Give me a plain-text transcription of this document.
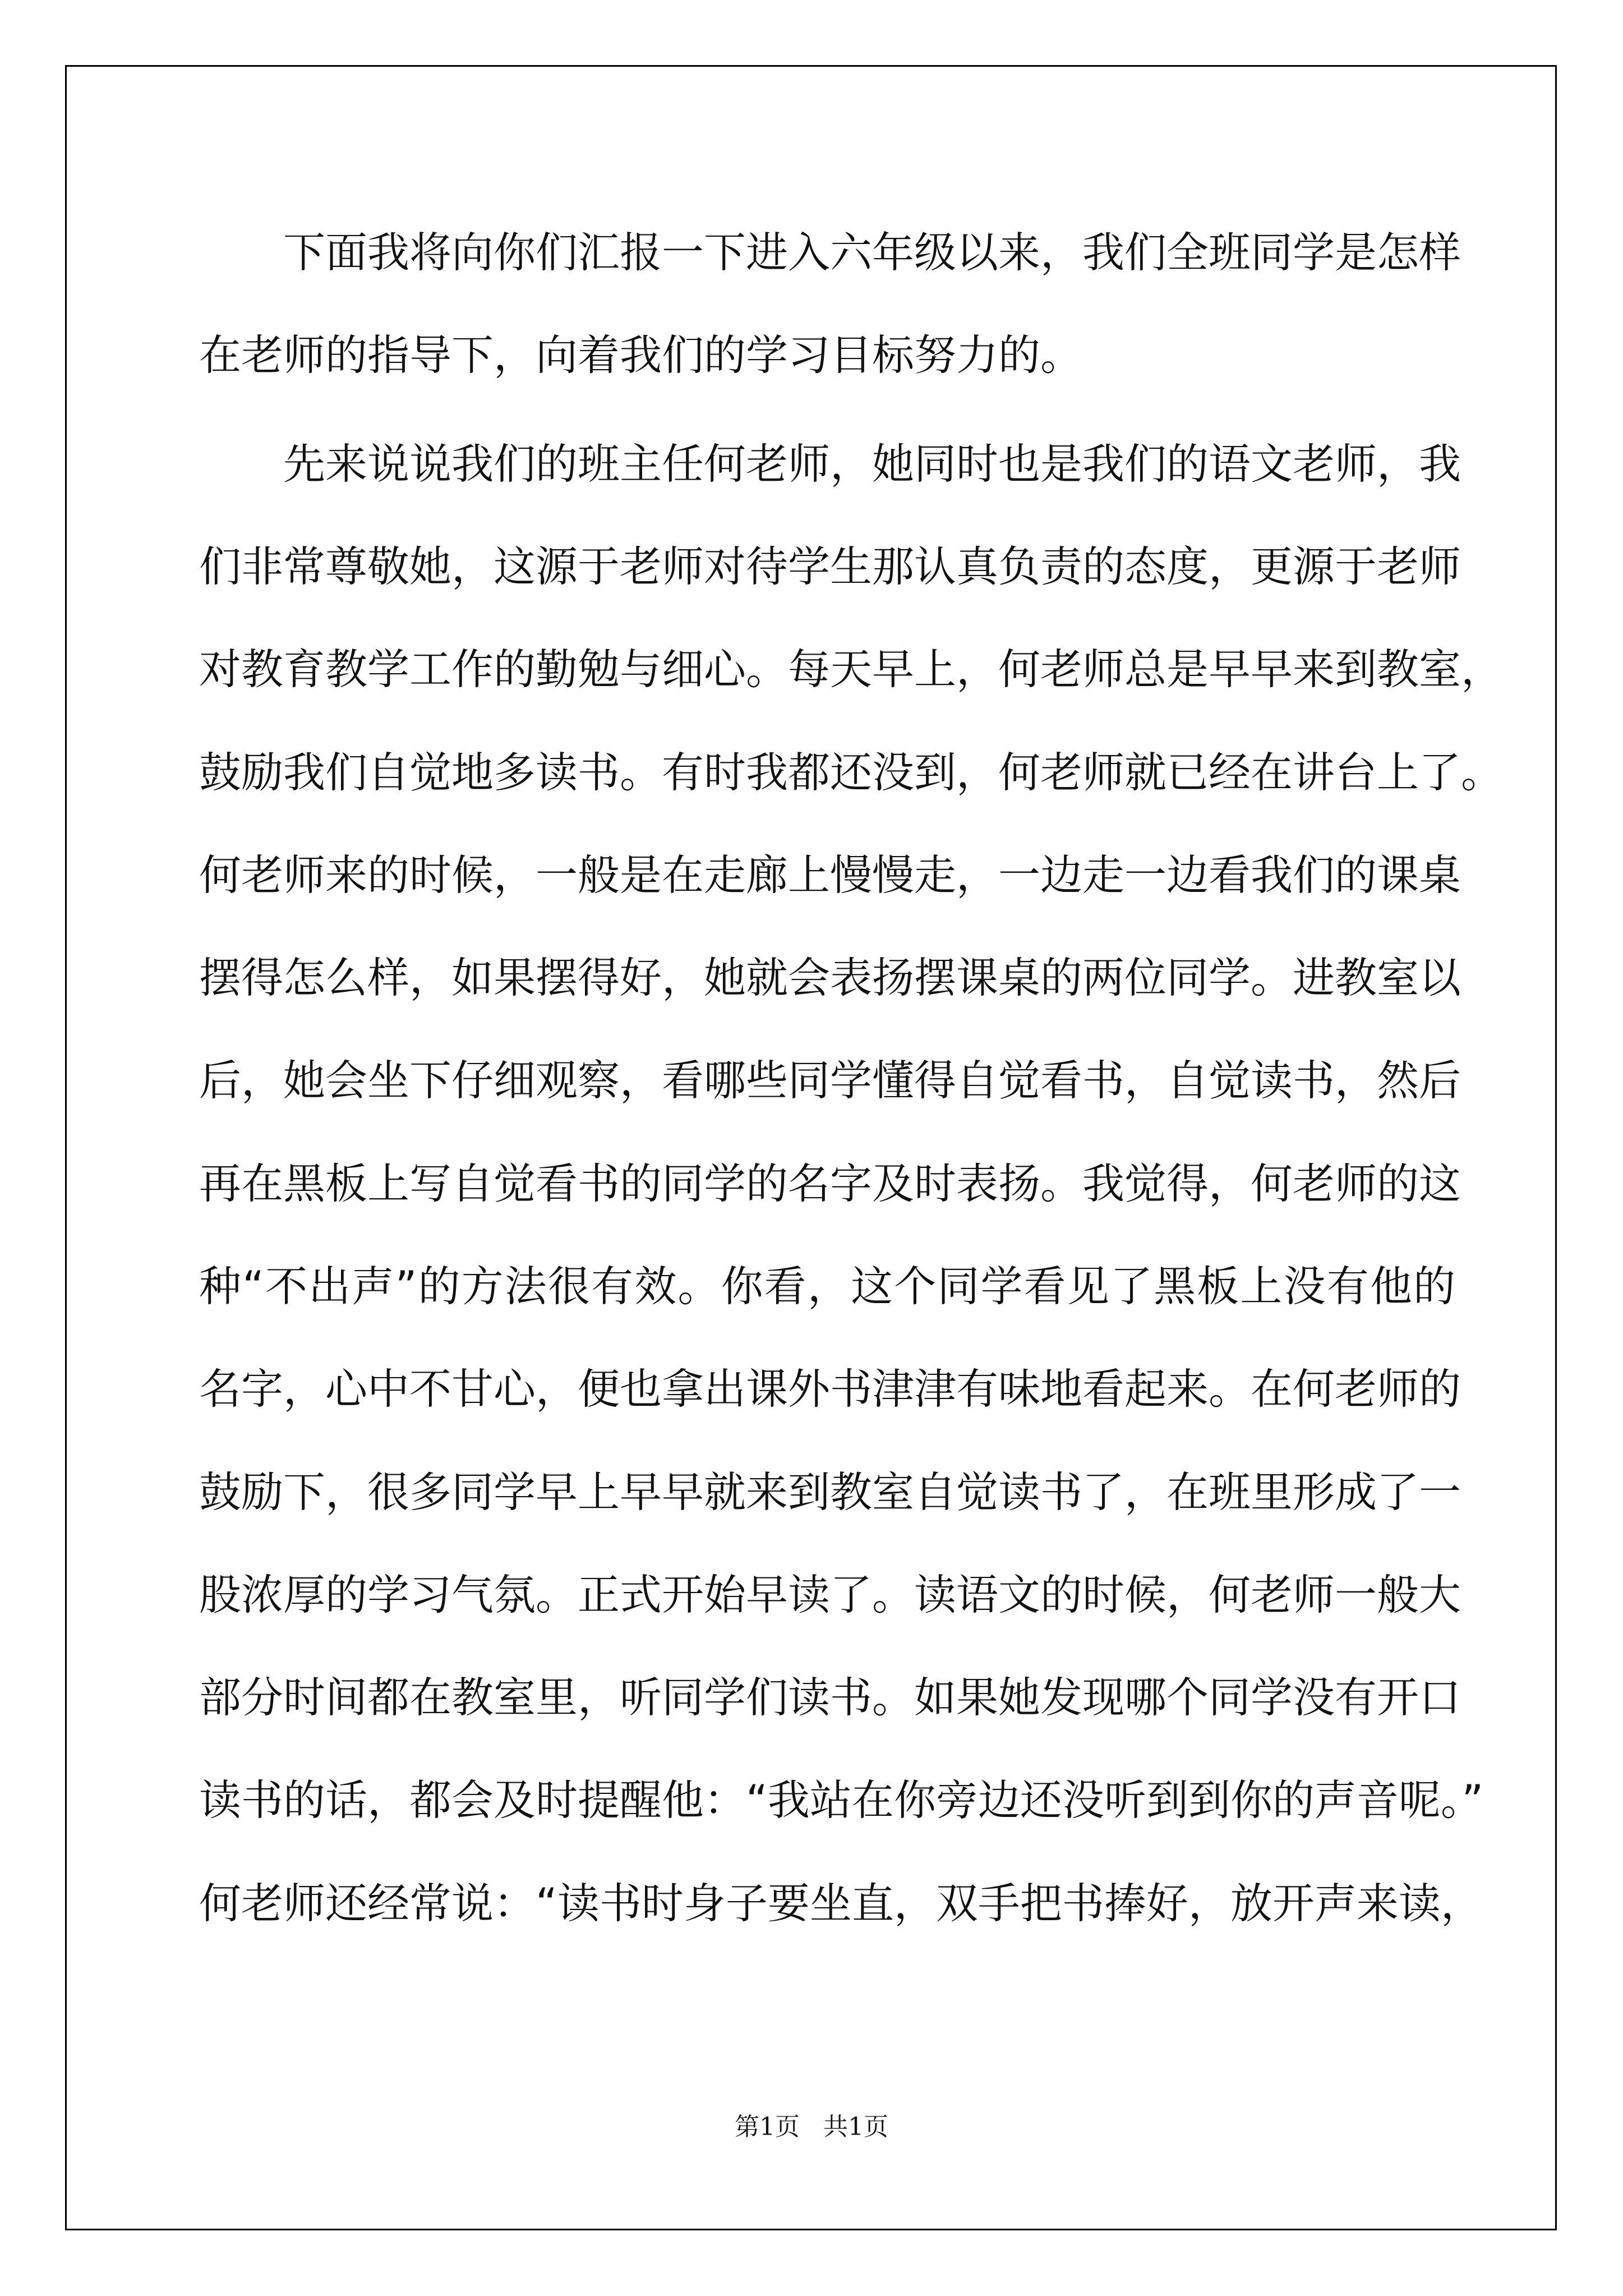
下面我将向你们汇报一下进入六年级以来，我们全班同学是怎样
在老师的指导下，向着我们的学习目标努力的。
先来说说我们的班主任何老师，她同时也是我们的语文老师，我
们非常尊敬她，这源于老师对待学生那认真负责的态度，更源于老师
对教育教学工作的勤勉与细心。每天早上，何老师总是早早来到教室，
鼓励我们自觉地多读书。有时我都还没到，何老师就已经在讲台上了。
何老师来的时候，一般是在走廊上慢慢走，一边走一边看我们的课桌
摆得怎么样，如果摆得好，她就会表扬摆课桌的两位同学。进教室以
后，她会坐下仔细观察，看哪些同学懂得自觉看书，自觉读书，然后
再在黑板上写自觉看书的同学的名字及时表扬。我觉得，何老师的这
种“不出声”的方法很有效。你看，这个同学看见了黑板上没有他的
名字，心中不甘心，便也拿出课外书津津有味地看起来。在何老师的
鼓励下，很多同学早上早早就来到教室自觉读书了，在班里形成了一
股浓厚的学习气氛。正式开始早读了。读语文的时候，何老师一般大
部分时间都在教室里，听同学们读书。如果她发现哪个同学没有开口
读书的话，都会及时提醒他：“我站在你旁边还没听到到你的声音呢。”
何老师还经常说：“读书时身子要坐直，双手把书捧好，放开声来读，
第1页   共1页
